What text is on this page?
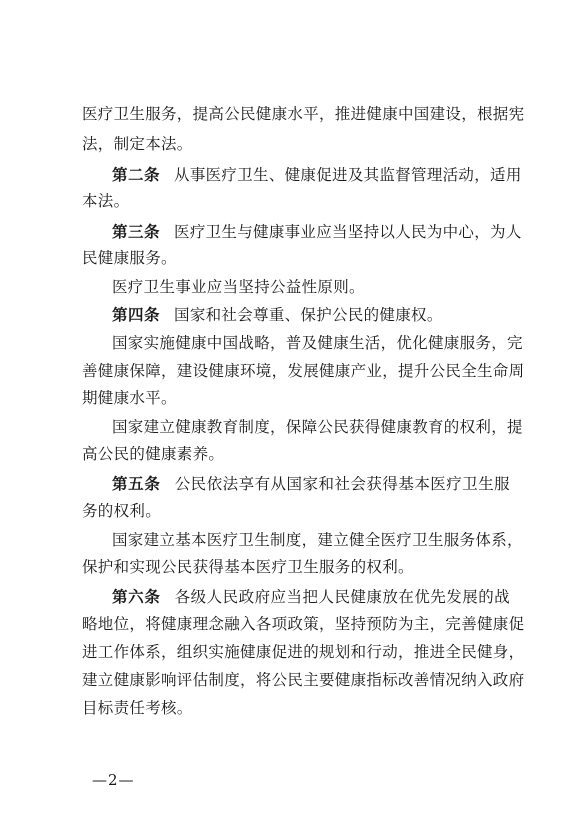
医疗卫生服务，提高公民健康水平，推进健康中国建设，根据宪
法，制定本法。
第二条 从事医疗卫生、健康促进及其监督管理活动，适用
本法。
第三条 医疗卫生与健康事业应当坚持以人民为中心，为人
民健康服务。
医疗卫生事业应当坚持公益性原则。
第四条 国家和社会尊重、保护公民的健康权。
国家实施健康中国战略，普及健康生活，优化健康服务，完
善健康保障，建设健康环境，发展健康产业，提升公民全生命周
期健康水平。
国家建立健康教育制度，保障公民获得健康教育的权利，提
高公民的健康素养。
第五条 公民依法享有从国家和社会获得基本医疗卫生服
务的权利。
国家建立基本医疗卫生制度，建立健全医疗卫生服务体系，
保护和实现公民获得基本医疗卫生服务的权利。
第六条 各级人民政府应当把人民健康放在优先发展的战
略地位，将健康理念融入各项政策，坚持预防为主，完善健康促
进工作体系，组织实施健康促进的规划和行动，推进全民健身，
建立健康影响评估制度，将公民主要健康指标改善情况纳入政府
目标责任考核。
—2—
